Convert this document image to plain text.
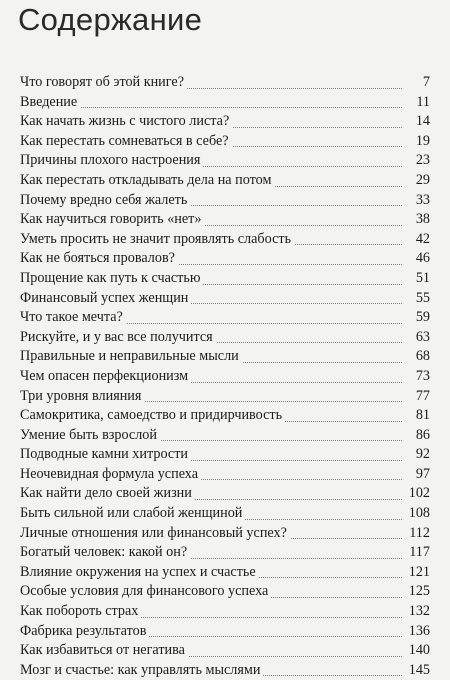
Содержание
Что говорят об этой книге?	7
Введение	11
Как начать жизнь с чистого листа?	14
Как перестать сомневаться в себе?	19
Причины плохого настроения	23
Как перестать откладывать дела на потом	29
Почему вредно себя жалеть	33
Как научиться говорить «нет»	38
Уметь просить не значит проявлять слабость	42
Как не бояться провалов?	46
Прощение как путь к счастью	51
Финансовый успех женщин	55
Что такое мечта?	59
Рискуйте, и у вас все получится	63
Правильные и неправильные мысли	68
Чем опасен перфекционизм	73
Три уровня влияния	77
Самокритика, самоедство и придирчивость	81
Умение быть взрослой	86
Подводные камни хитрости	92
Неочевидная формула успеха	97
Как найти дело своей жизни	102
Быть сильной или слабой женщиной	108
Личные отношения или финансовый успех?	112
Богатый человек: какой он?	117
Влияние окружения на успех и счастье	121
Особые условия для финансового успеха	125
Как побороть страх	132
Фабрика результатов	136
Как избавиться от негатива	140
Мозг и счастье: как управлять мыслями	145
